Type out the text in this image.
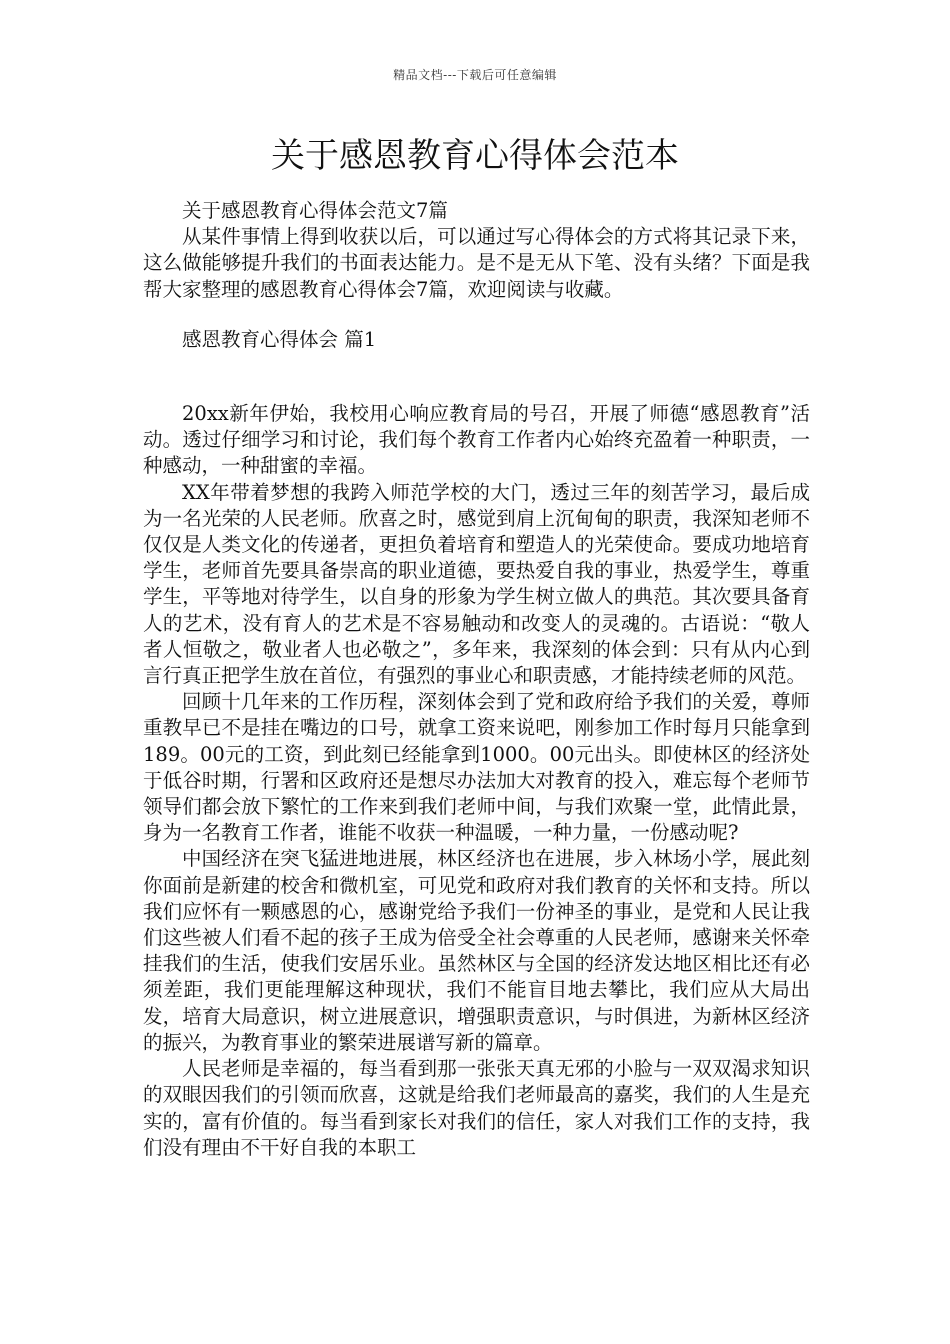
精品文档---下载后可任意编辑
关于感恩教育心得体会范本

关于感恩教育心得体会范文7篇

从某件事情上得到收获以后，可以通过写心得体会的方式将其记录下来，这么做能够提升我们的书面表达能力。是不是无从下笔、没有头绪？下面是我帮大家整理的感恩教育心得体会7篇，欢迎阅读与收藏。

感恩教育心得体会 篇1

20xx新年伊始，我校用心响应教育局的号召，开展了师德“感恩教育”活动。透过仔细学习和讨论，我们每个教育工作者内心始终充盈着一种职责，一种感动，一种甜蜜的幸福。

XX年带着梦想的我跨入师范学校的大门，透过三年的刻苦学习，最后成为一名光荣的人民老师。欣喜之时，感觉到肩上沉甸甸的职责，我深知老师不仅仅是人类文化的传递者，更担负着培育和塑造人的光荣使命。要成功地培育学生，老师首先要具备崇高的职业道德，要热爱自我的事业，热爱学生，尊重学生，平等地对待学生，以自身的形象为学生树立做人的典范。其次要具备育人的艺术，没有育人的艺术是不容易触动和改变人的灵魂的。古语说：“敬人者人恒敬之，敬业者人也必敬之”，多年来，我深刻的体会到：只有从内心到言行真正把学生放在首位，有强烈的事业心和职责感，才能持续老师的风范。

回顾十几年来的工作历程，深刻体会到了党和政府给予我们的关爱，尊师重教早已不是挂在嘴边的口号，就拿工资来说吧，刚参加工作时每月只能拿到189。00元的工资，到此刻已经能拿到1000。00元出头。即使林区的经济处于低谷时期，行署和区政府还是想尽办法加大对教育的投入，难忘每个老师节领导们都会放下繁忙的工作来到我们老师中间，与我们欢聚一堂，此情此景，身为一名教育工作者，谁能不收获一种温暖，一种力量，一份感动呢?

中国经济在突飞猛进地进展，林区经济也在进展，步入林场小学，展此刻你面前是新建的校舍和微机室，可见党和政府对我们教育的关怀和支持。所以我们应怀有一颗感恩的心，感谢党给予我们一份神圣的事业，是党和人民让我们这些被人们看不起的孩子王成为倍受全社会尊重的人民老师，感谢来关怀牵挂我们的生活，使我们安居乐业。虽然林区与全国的经济发达地区相比还有必须差距，我们更能理解这种现状，我们不能盲目地去攀比，我们应从大局出发，培育大局意识，树立进展意识，增强职责意识，与时俱进，为新林区经济的振兴，为教育事业的繁荣进展谱写新的篇章。

人民老师是幸福的，每当看到那一张张天真无邪的小脸与一双双渴求知识的双眼因我们的引领而欣喜，这就是给我们老师最高的嘉奖，我们的人生是充实的，富有价值的。每当看到家长对我们的信任，家人对我们工作的支持，我们没有理由不干好自我的本职工
